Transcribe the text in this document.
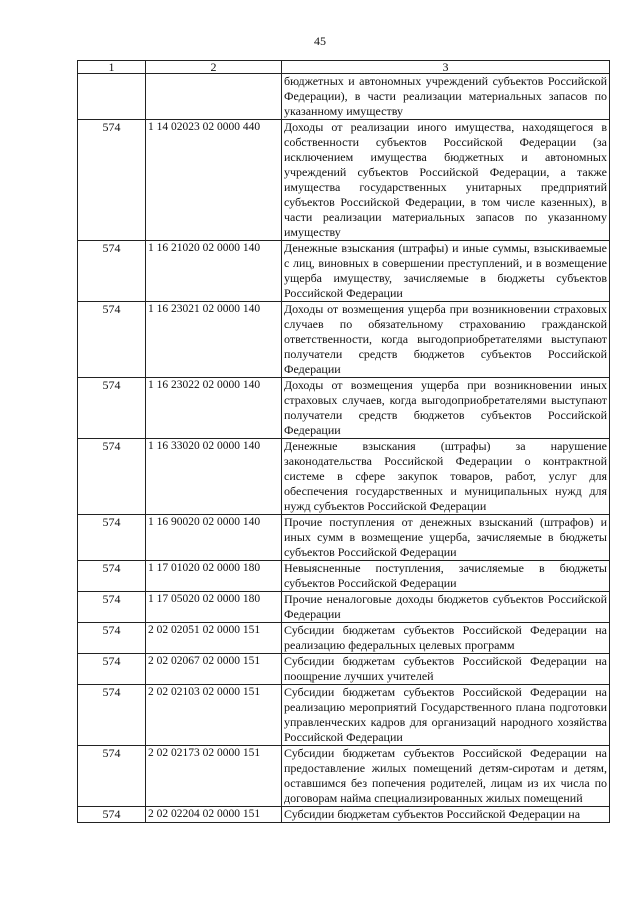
45
1	2	3
		бюджетных и автономных учреждений субъектов Российской Федерации), в части реализации материальных запасов по указанному имуществу
574	1 14 02023 02 0000 440	Доходы от реализации иного имущества, находящегося в собственности субъектов Российской Федерации (за исключением имущества бюджетных и автономных учреждений субъектов Российской Федерации, а также имущества государственных унитарных предприятий субъектов Российской Федерации, в том числе казенных), в части реализации материальных запасов по указанному имуществу
574	1 16 21020 02 0000 140	Денежные взыскания (штрафы) и иные суммы, взыскиваемые с лиц, виновных в совершении преступлений, и в возмещение ущерба имуществу, зачисляемые в бюджеты субъектов Российской Федерации
574	1 16 23021 02 0000 140	Доходы от возмещения ущерба при возникновении страховых случаев по обязательному страхованию гражданской ответственности, когда выгодоприобретателями выступают получатели средств бюджетов субъектов Российской Федерации
574	1 16 23022 02 0000 140	Доходы от возмещения ущерба при возникновении иных страховых случаев, когда выгодоприобретателями выступают получатели средств бюджетов субъектов Российской Федерации
574	1 16 33020 02 0000 140	Денежные взыскания (штрафы) за нарушение законодательства Российской Федерации о контрактной системе в сфере закупок товаров, работ, услуг для обеспечения государственных и муниципальных нужд для нужд субъектов Российской Федерации
574	1 16 90020 02 0000 140	Прочие поступления от денежных взысканий (штрафов) и иных сумм в возмещение ущерба, зачисляемые в бюджеты субъектов Российской Федерации
574	1 17 01020 02 0000 180	Невыясненные поступления, зачисляемые в бюджеты субъектов Российской Федерации
574	1 17 05020 02 0000 180	Прочие неналоговые доходы бюджетов субъектов Российской Федерации
574	2 02 02051 02 0000 151	Субсидии бюджетам субъектов Российской Федерации на реализацию федеральных целевых программ
574	2 02 02067 02 0000 151	Субсидии бюджетам субъектов Российской Федерации на поощрение лучших учителей
574	2 02 02103 02 0000 151	Субсидии бюджетам субъектов Российской Федерации на реализацию мероприятий Государственного плана подготовки управленческих кадров для организаций народного хозяйства Российской Федерации
574	2 02 02173 02 0000 151	Субсидии бюджетам субъектов Российской Федерации на предоставление жилых помещений детям-сиротам и детям, оставшимся без попечения родителей, лицам из их числа по договорам найма специализированных жилых помещений
574	2 02 02204 02 0000 151	Субсидии бюджетам субъектов Российской Федерации на
